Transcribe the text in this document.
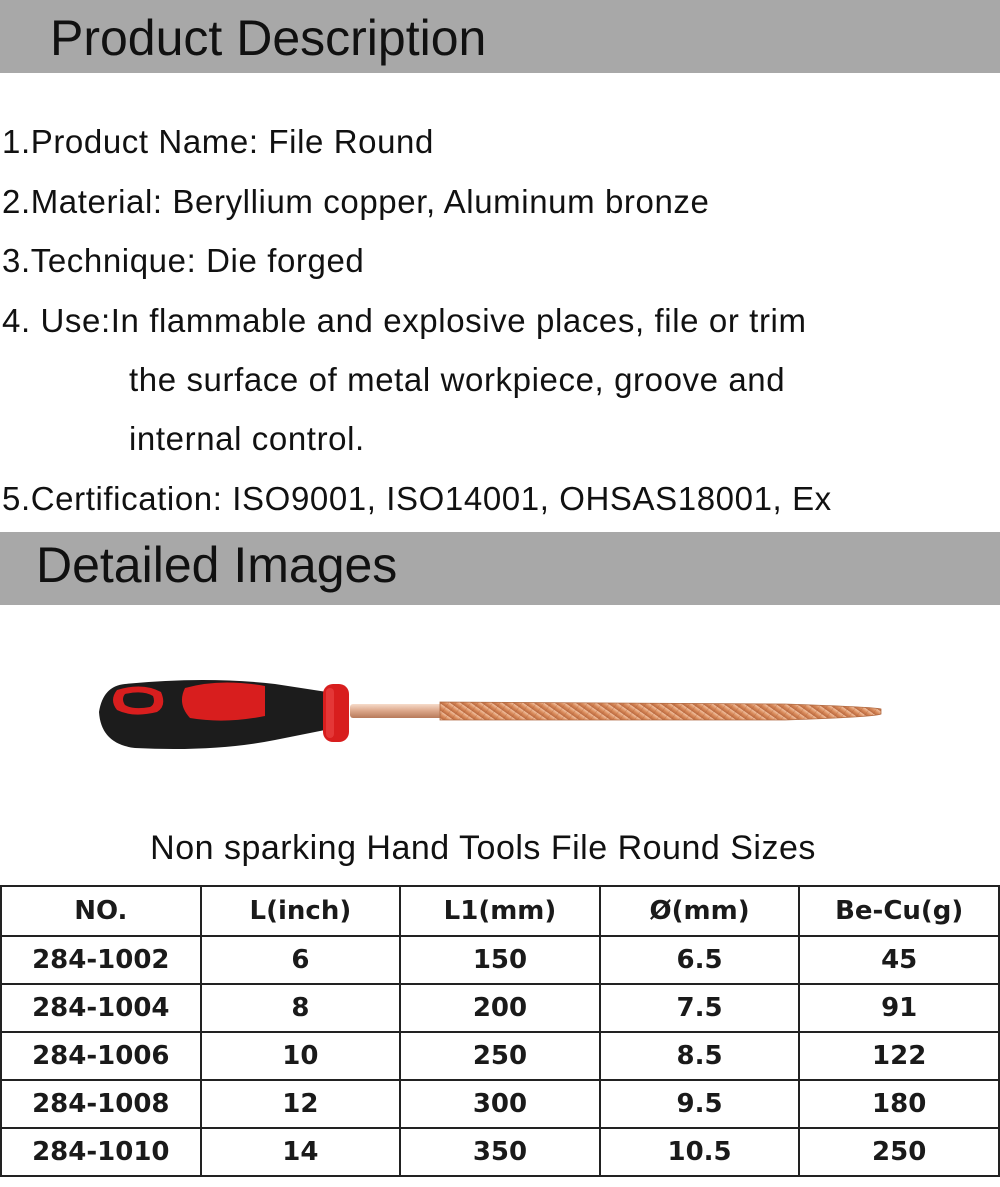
Product Description
1.Product Name: File Round
2.Material: Beryllium copper, Aluminum bronze
3.Technique: Die forged
4. Use:In flammable and explosive places, file or trim
the surface of metal workpiece, groove and
internal control.
5.Certification: ISO9001, ISO14001, OHSAS18001, Ex
Detailed Images
Non sparking Hand Tools File Round Sizes
NO.	L(inch)	L1(mm)	Ø(mm)	Be-Cu(g)
284-1002	6	150	6.5	45
284-1004	8	200	7.5	91
284-1006	10	250	8.5	122
284-1008	12	300	9.5	180
284-1010	14	350	10.5	250
